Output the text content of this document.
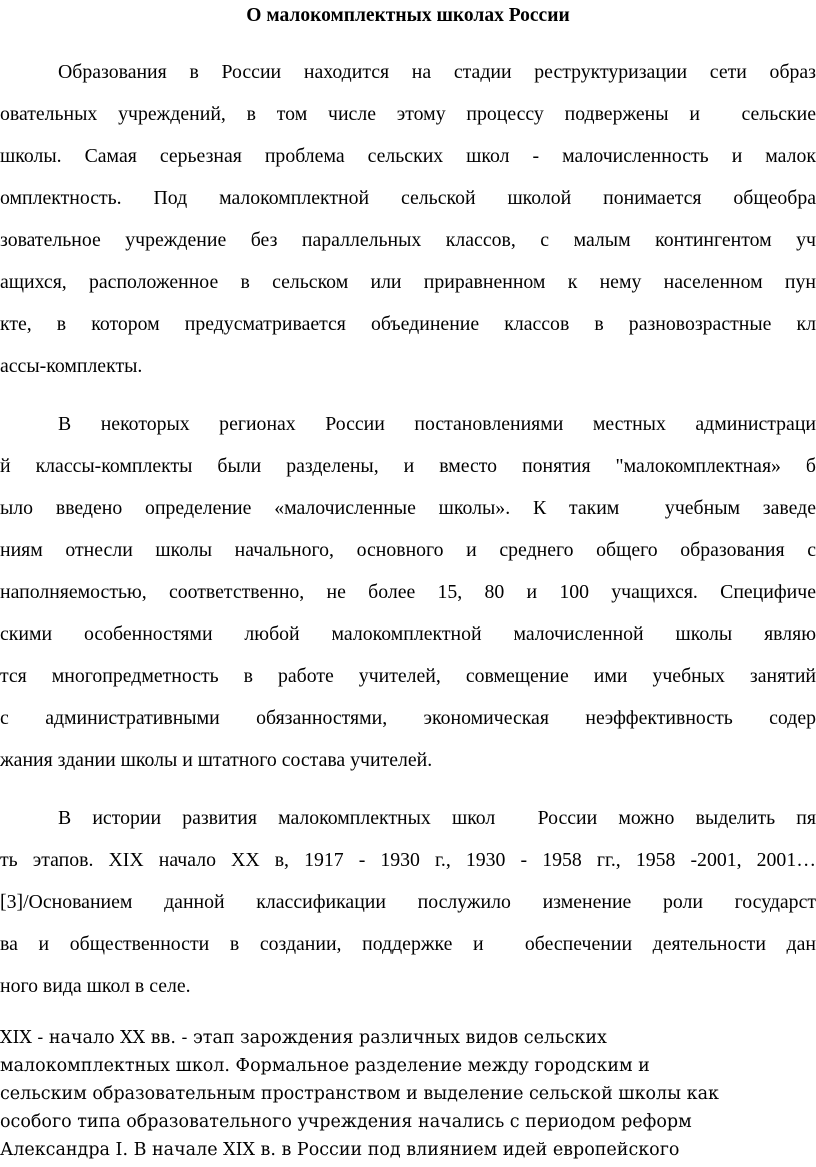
О малокомплектных школах России

Образования в России находится на стадии реструктуризации сети образ

овательных учреждений, в том числе этому процессу подвержены и  сельские

школы. Самая серьезная проблема сельских школ - малочисленность и малок

омплектность. Под малокомплектной сельской школой понимается общеобра

зовательное учреждение без параллельных классов, с малым контингентом уч

ащихся, расположенное в сельском или приравненном к нему населенном пун

кте, в котором предусматривается объединение классов в разновозрастные кл

ассы-комплекты.

В некоторых регионах России постановлениями местных администраци

й классы-комплекты были разделены, и вместо понятия "малокомплектная» б

ыло введено определение «малочисленные школы». К таким  учебным заведе

ниям отнесли школы начального, основного и среднего общего образования с

наполняемостью, соответственно, не более 15, 80 и 100 учащихся. Специфиче

скими особенностями любой малокомплектной малочисленной школы являю

тся многопредметность в работе учителей, совмещение ими учебных занятий

с административными обязанностями, экономическая неэффективность содер

жания здании школы и штатного состава учителей.

В истории развития малокомплектных школ  России можно выделить пя

ть этапов. XIX начало XX в, 1917 - 1930 г., 1930 - 1958 гг., 1958 -2001, 2001…

[3]/Основанием данной классификации послужило изменение роли государст

ва и общественности в создании, поддержке и  обеспечении деятельности дан

ного вида школ в селе.

XIX - начало XX вв. - этап зарождения различных видов сельских

малокомплектных школ. Формальное разделение между городским и

сельским образовательным пространством и выделение сельской школы как

особого типа образовательного учреждения начались с периодом реформ

Александра I. В начале XIX в. в России под влиянием идей европейского
